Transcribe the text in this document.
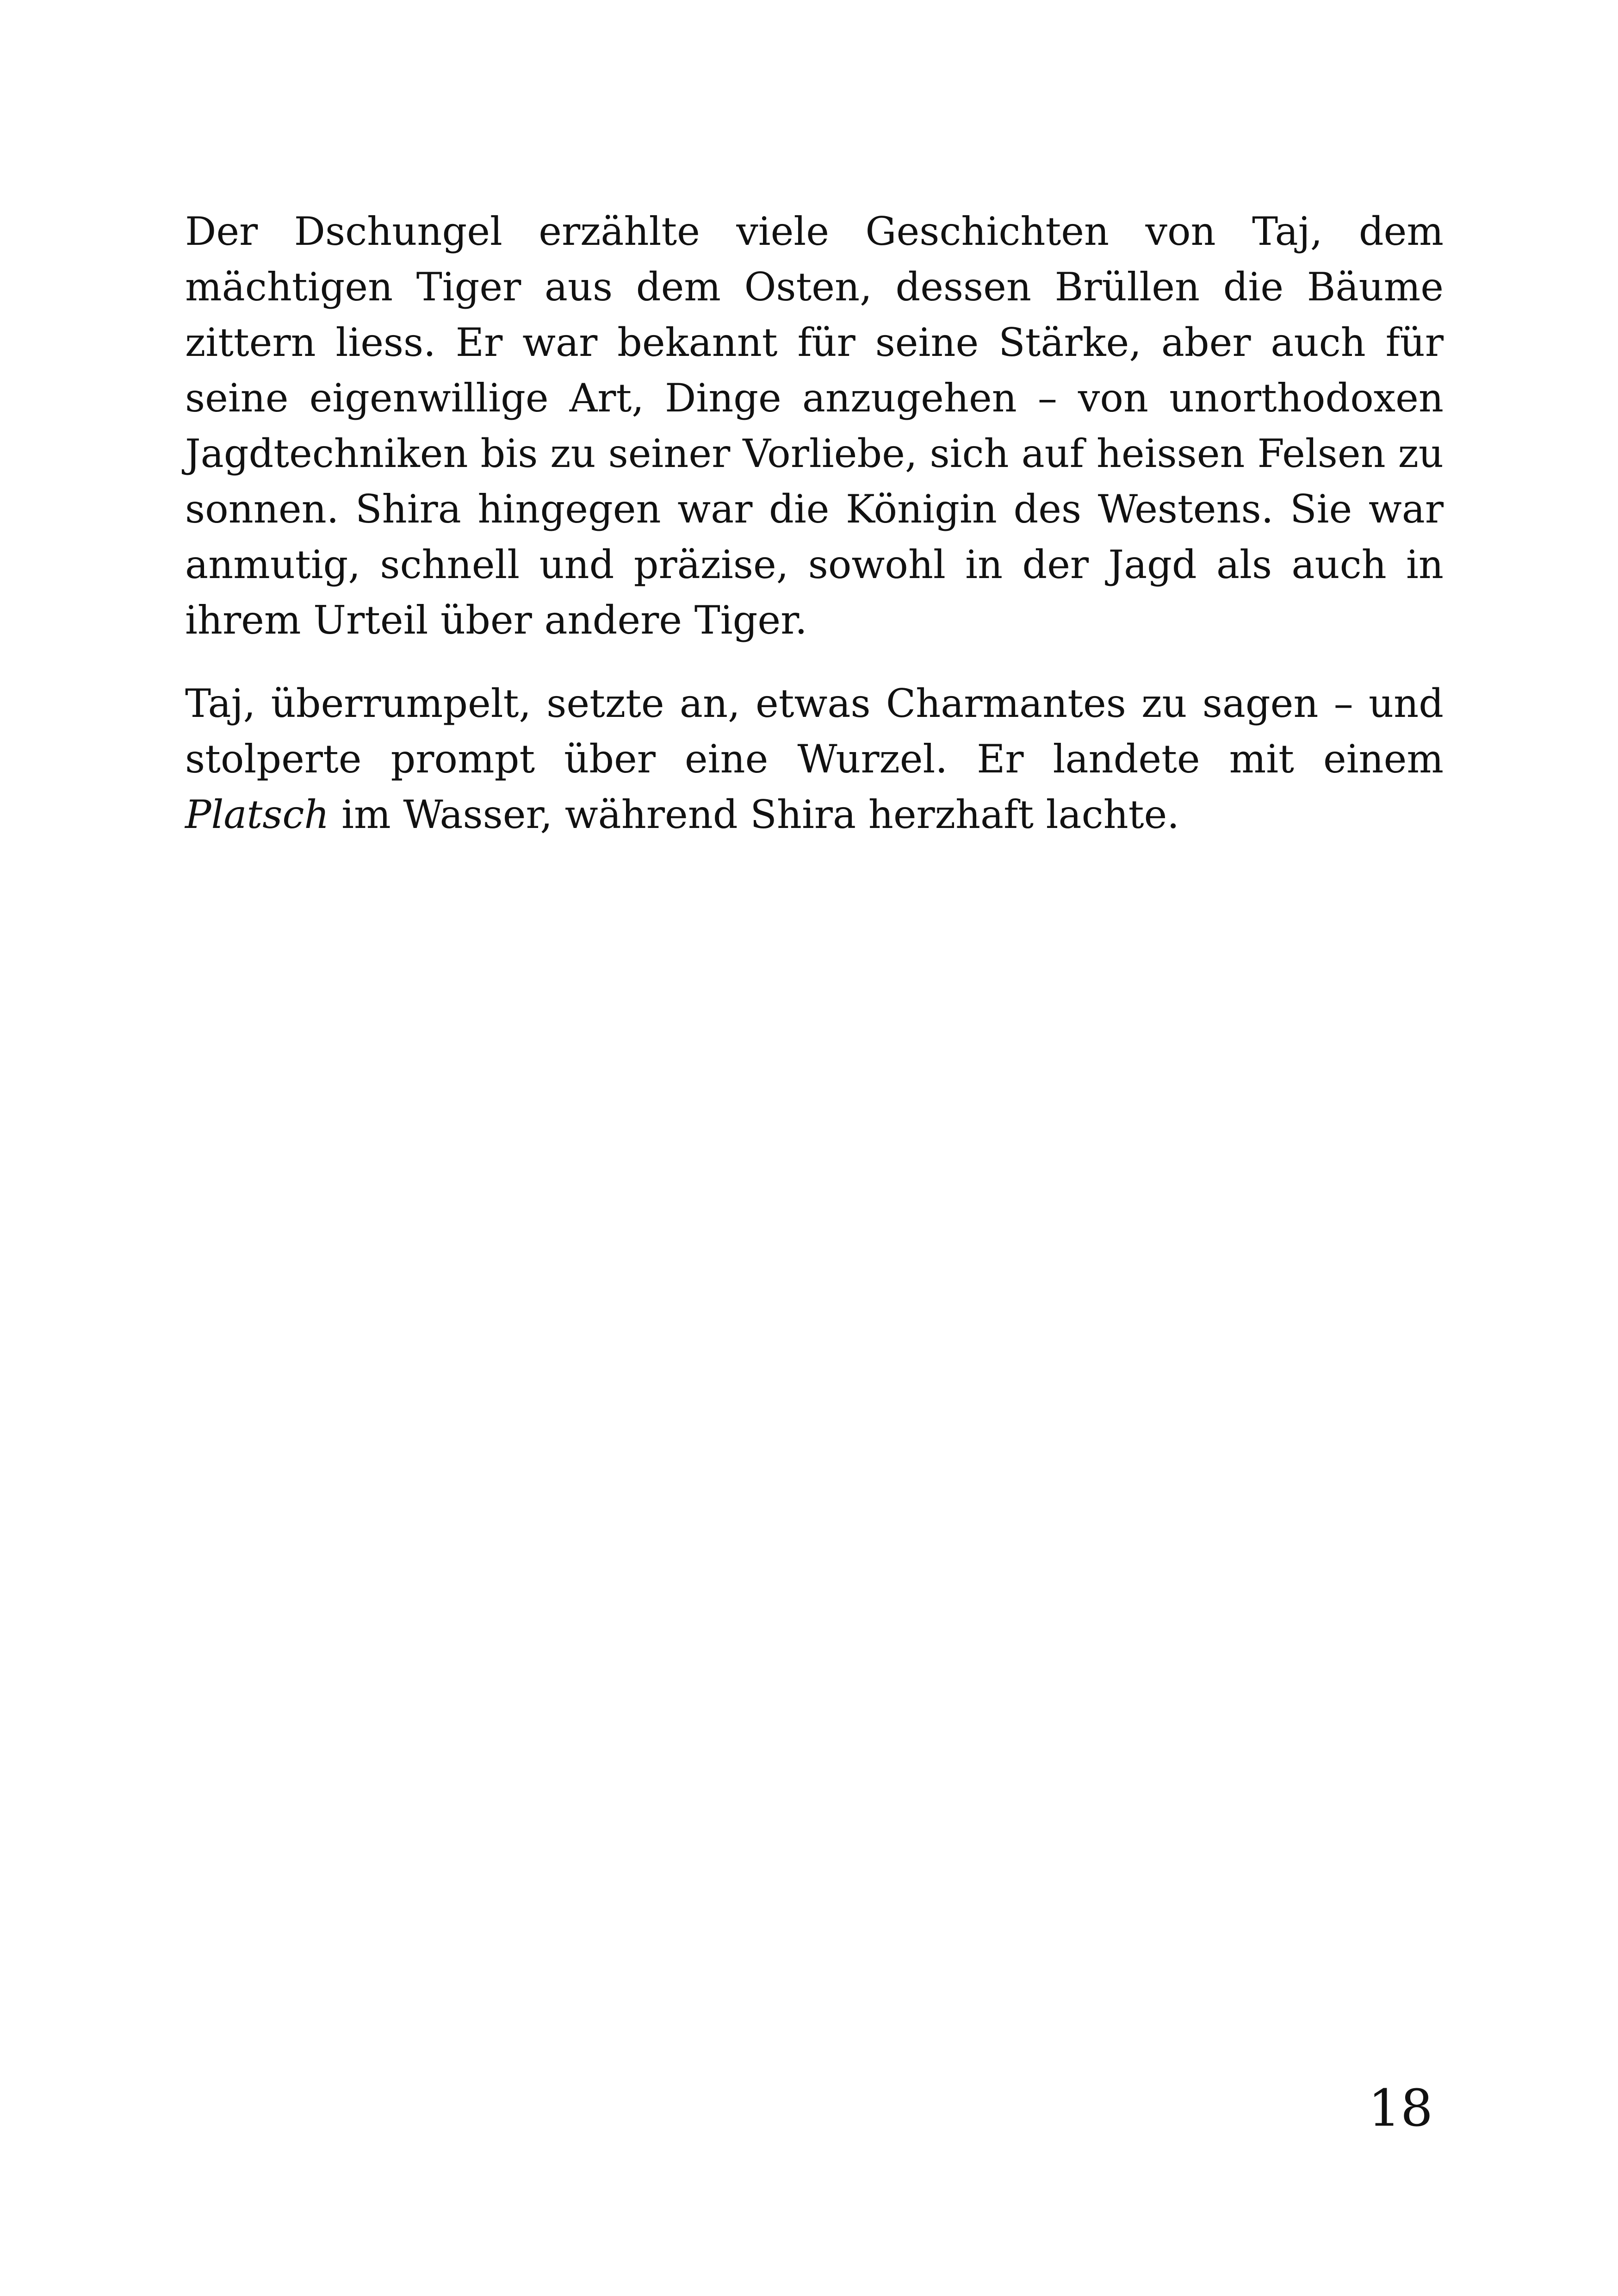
Der Dschungel erzählte viele Geschichten von Taj, dem mächtigen Tiger aus dem Osten, dessen Brüllen die Bäume zittern liess. Er war bekannt für seine Stärke, aber auch für seine eigenwillige Art, Dinge anzugehen – von unorthodoxen Jagdtechniken bis zu seiner Vorliebe, sich auf heissen Felsen zu sonnen. Shira hingegen war die Königin des Westens. Sie war anmutig, schnell und präzise, sowohl in der Jagd als auch in ihrem Urteil über andere Tiger.

Taj, überrumpelt, setzte an, etwas Charmantes zu sagen – und stolperte prompt über eine Wurzel. Er landete mit einem Platsch im Wasser, während Shira herzhaft lachte.

18
